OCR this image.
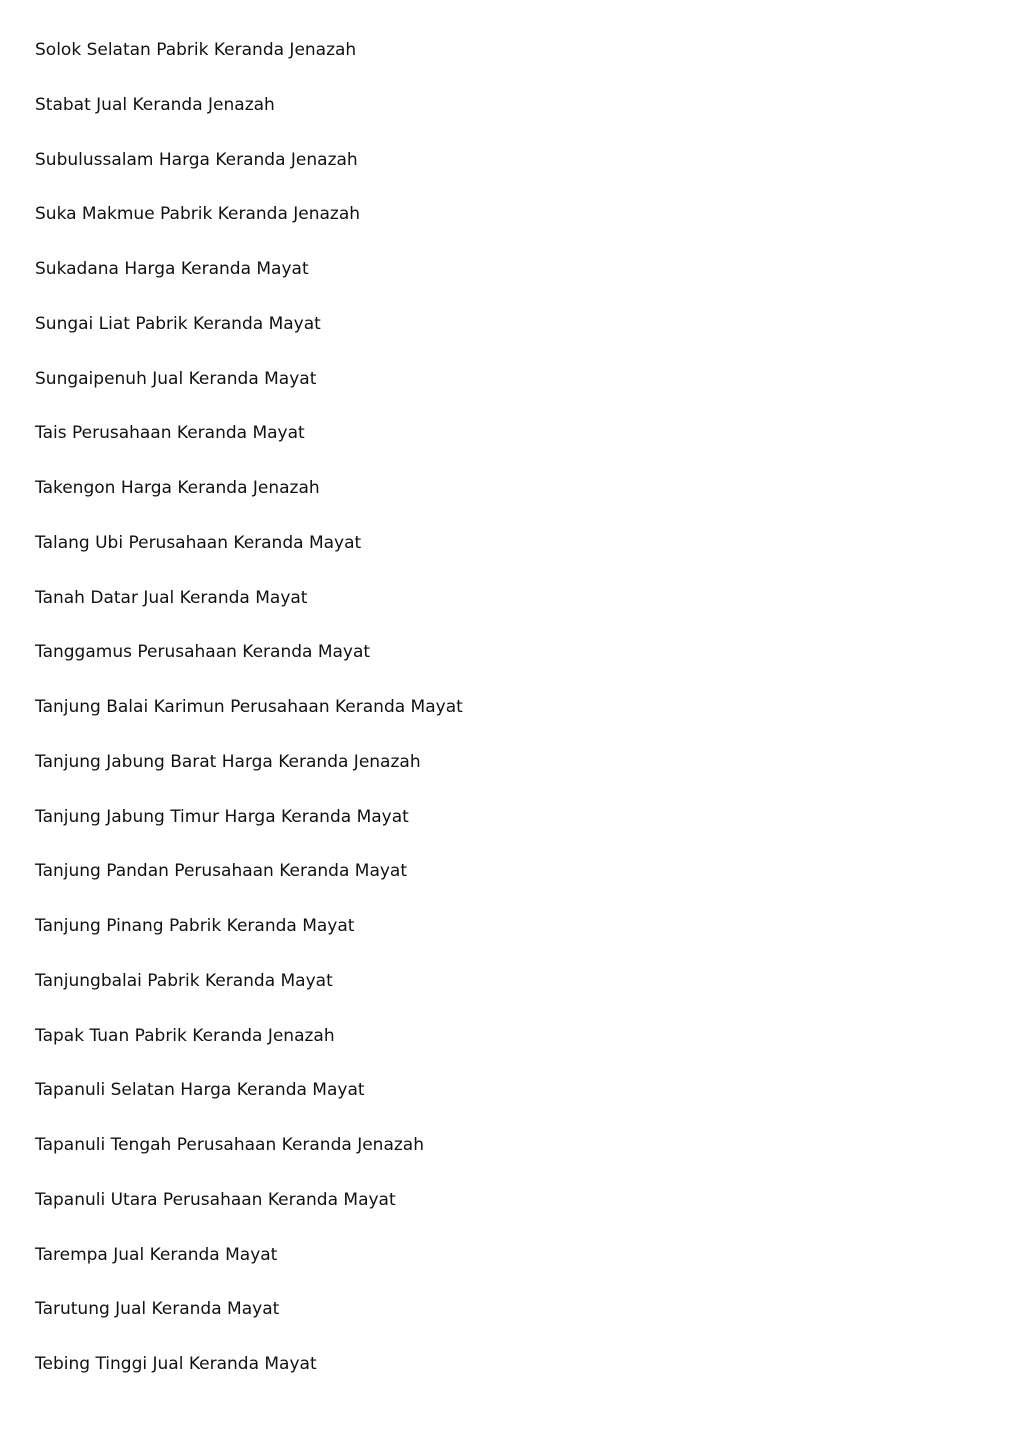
Solok Selatan Pabrik Keranda Jenazah
Stabat Jual Keranda Jenazah
Subulussalam Harga Keranda Jenazah
Suka Makmue Pabrik Keranda Jenazah
Sukadana Harga Keranda Mayat
Sungai Liat Pabrik Keranda Mayat
Sungaipenuh Jual Keranda Mayat
Tais Perusahaan Keranda Mayat
Takengon Harga Keranda Jenazah
Talang Ubi Perusahaan Keranda Mayat
Tanah Datar Jual Keranda Mayat
Tanggamus Perusahaan Keranda Mayat
Tanjung Balai Karimun Perusahaan Keranda Mayat
Tanjung Jabung Barat Harga Keranda Jenazah
Tanjung Jabung Timur Harga Keranda Mayat
Tanjung Pandan Perusahaan Keranda Mayat
Tanjung Pinang Pabrik Keranda Mayat
Tanjungbalai Pabrik Keranda Mayat
Tapak Tuan Pabrik Keranda Jenazah
Tapanuli Selatan Harga Keranda Mayat
Tapanuli Tengah Perusahaan Keranda Jenazah
Tapanuli Utara Perusahaan Keranda Mayat
Tarempa Jual Keranda Mayat
Tarutung Jual Keranda Mayat
Tebing Tinggi Jual Keranda Mayat
